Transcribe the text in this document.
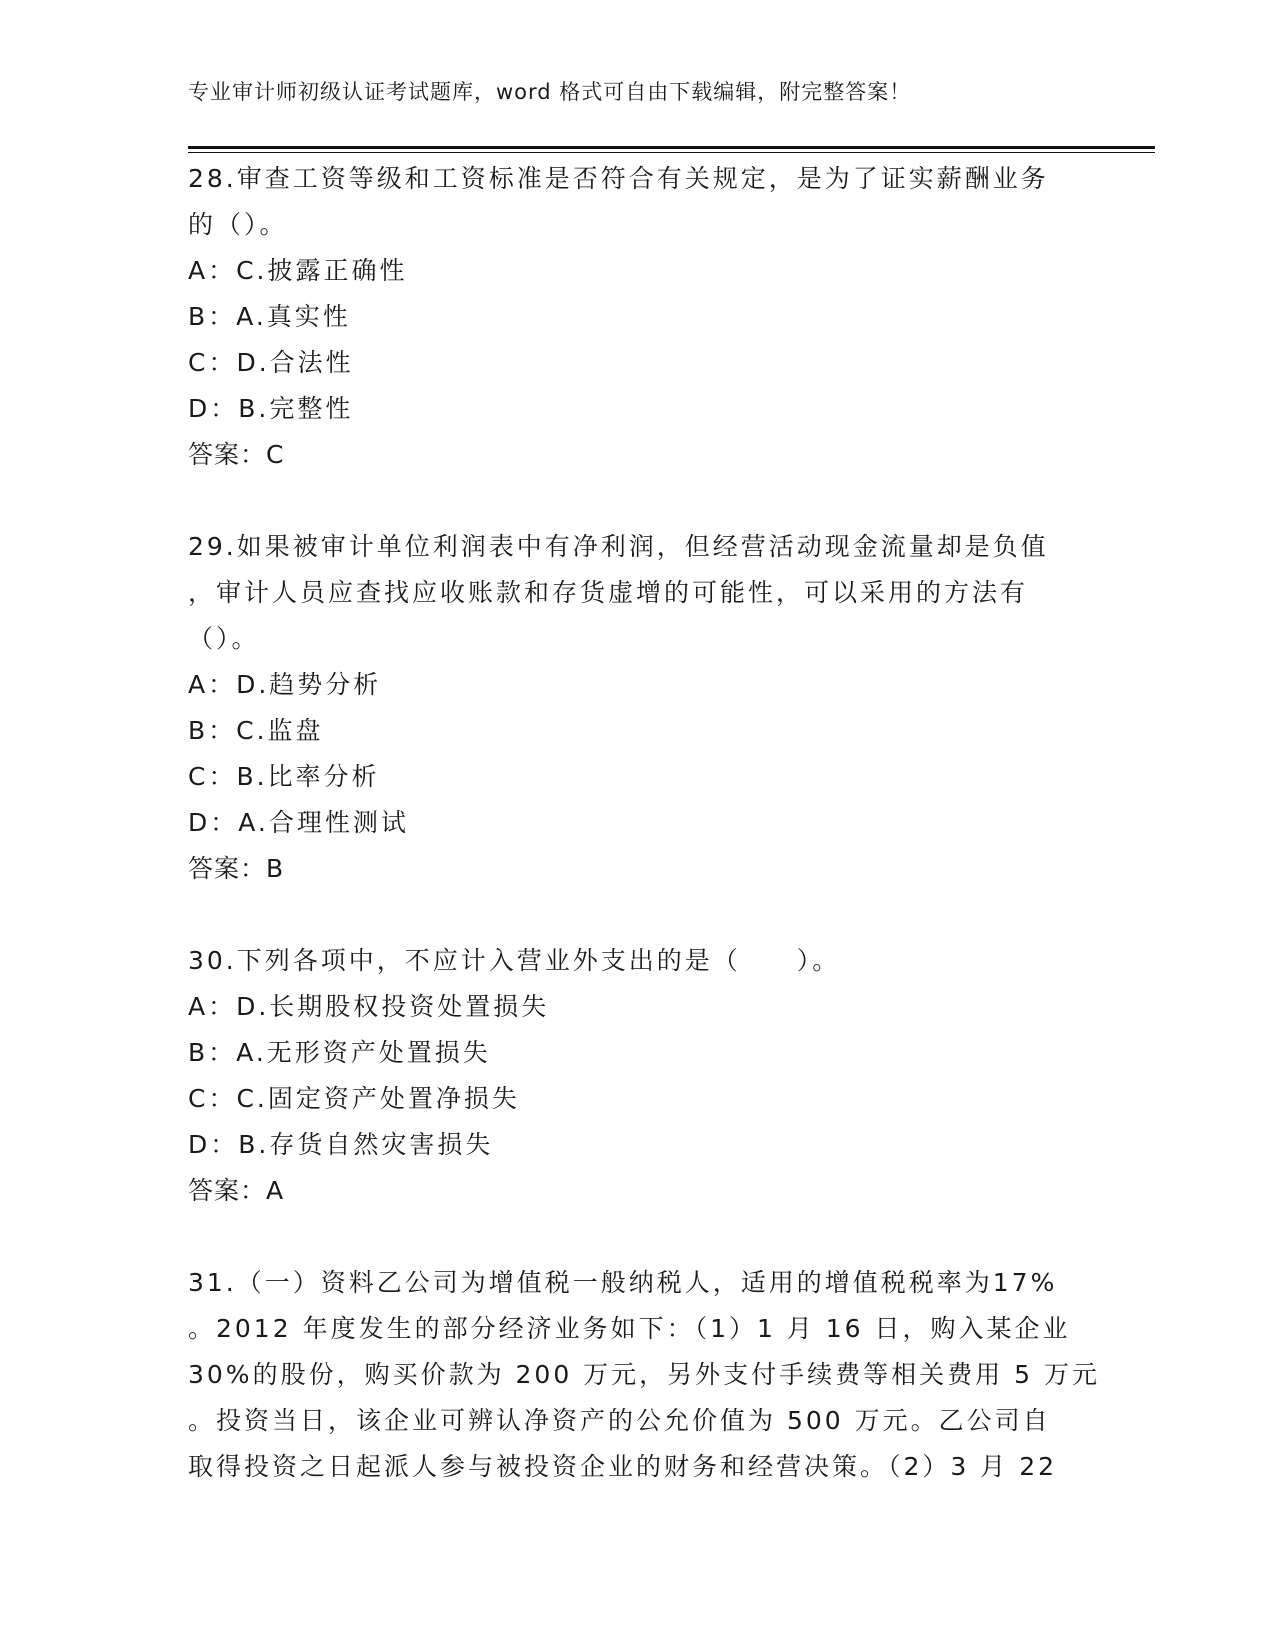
专业审计师初级认证考试题库，word 格式可自由下载编辑，附完整答案！
28.审查工资等级和工资标准是否符合有关规定，是为了证实薪酬业务
的（）。
A：C.披露正确性
B：A.真实性
C：D.合法性
D：B.完整性
答案：C
29.如果被审计单位利润表中有净利润，但经营活动现金流量却是负值
，审计人员应查找应收账款和存货虚增的可能性，可以采用的方法有
（）。
A：D.趋势分析
B：C.监盘
C：B.比率分析
D：A.合理性测试
答案：B
30.下列各项中，不应计入营业外支出的是（　　）。
A：D.长期股权投资处置损失
B：A.无形资产处置损失
C：C.固定资产处置净损失
D：B.存货自然灾害损失
答案：A
31.（一）资料乙公司为增值税一般纳税人，适用的增值税税率为17%
。2012 年度发生的部分经济业务如下：（1）1 月 16 日，购入某企业
30%的股份，购买价款为 200 万元，另外支付手续费等相关费用 5 万元
。投资当日，该企业可辨认净资产的公允价值为 500 万元。乙公司自
取得投资之日起派人参与被投资企业的财务和经营决策。（2）3 月 22
